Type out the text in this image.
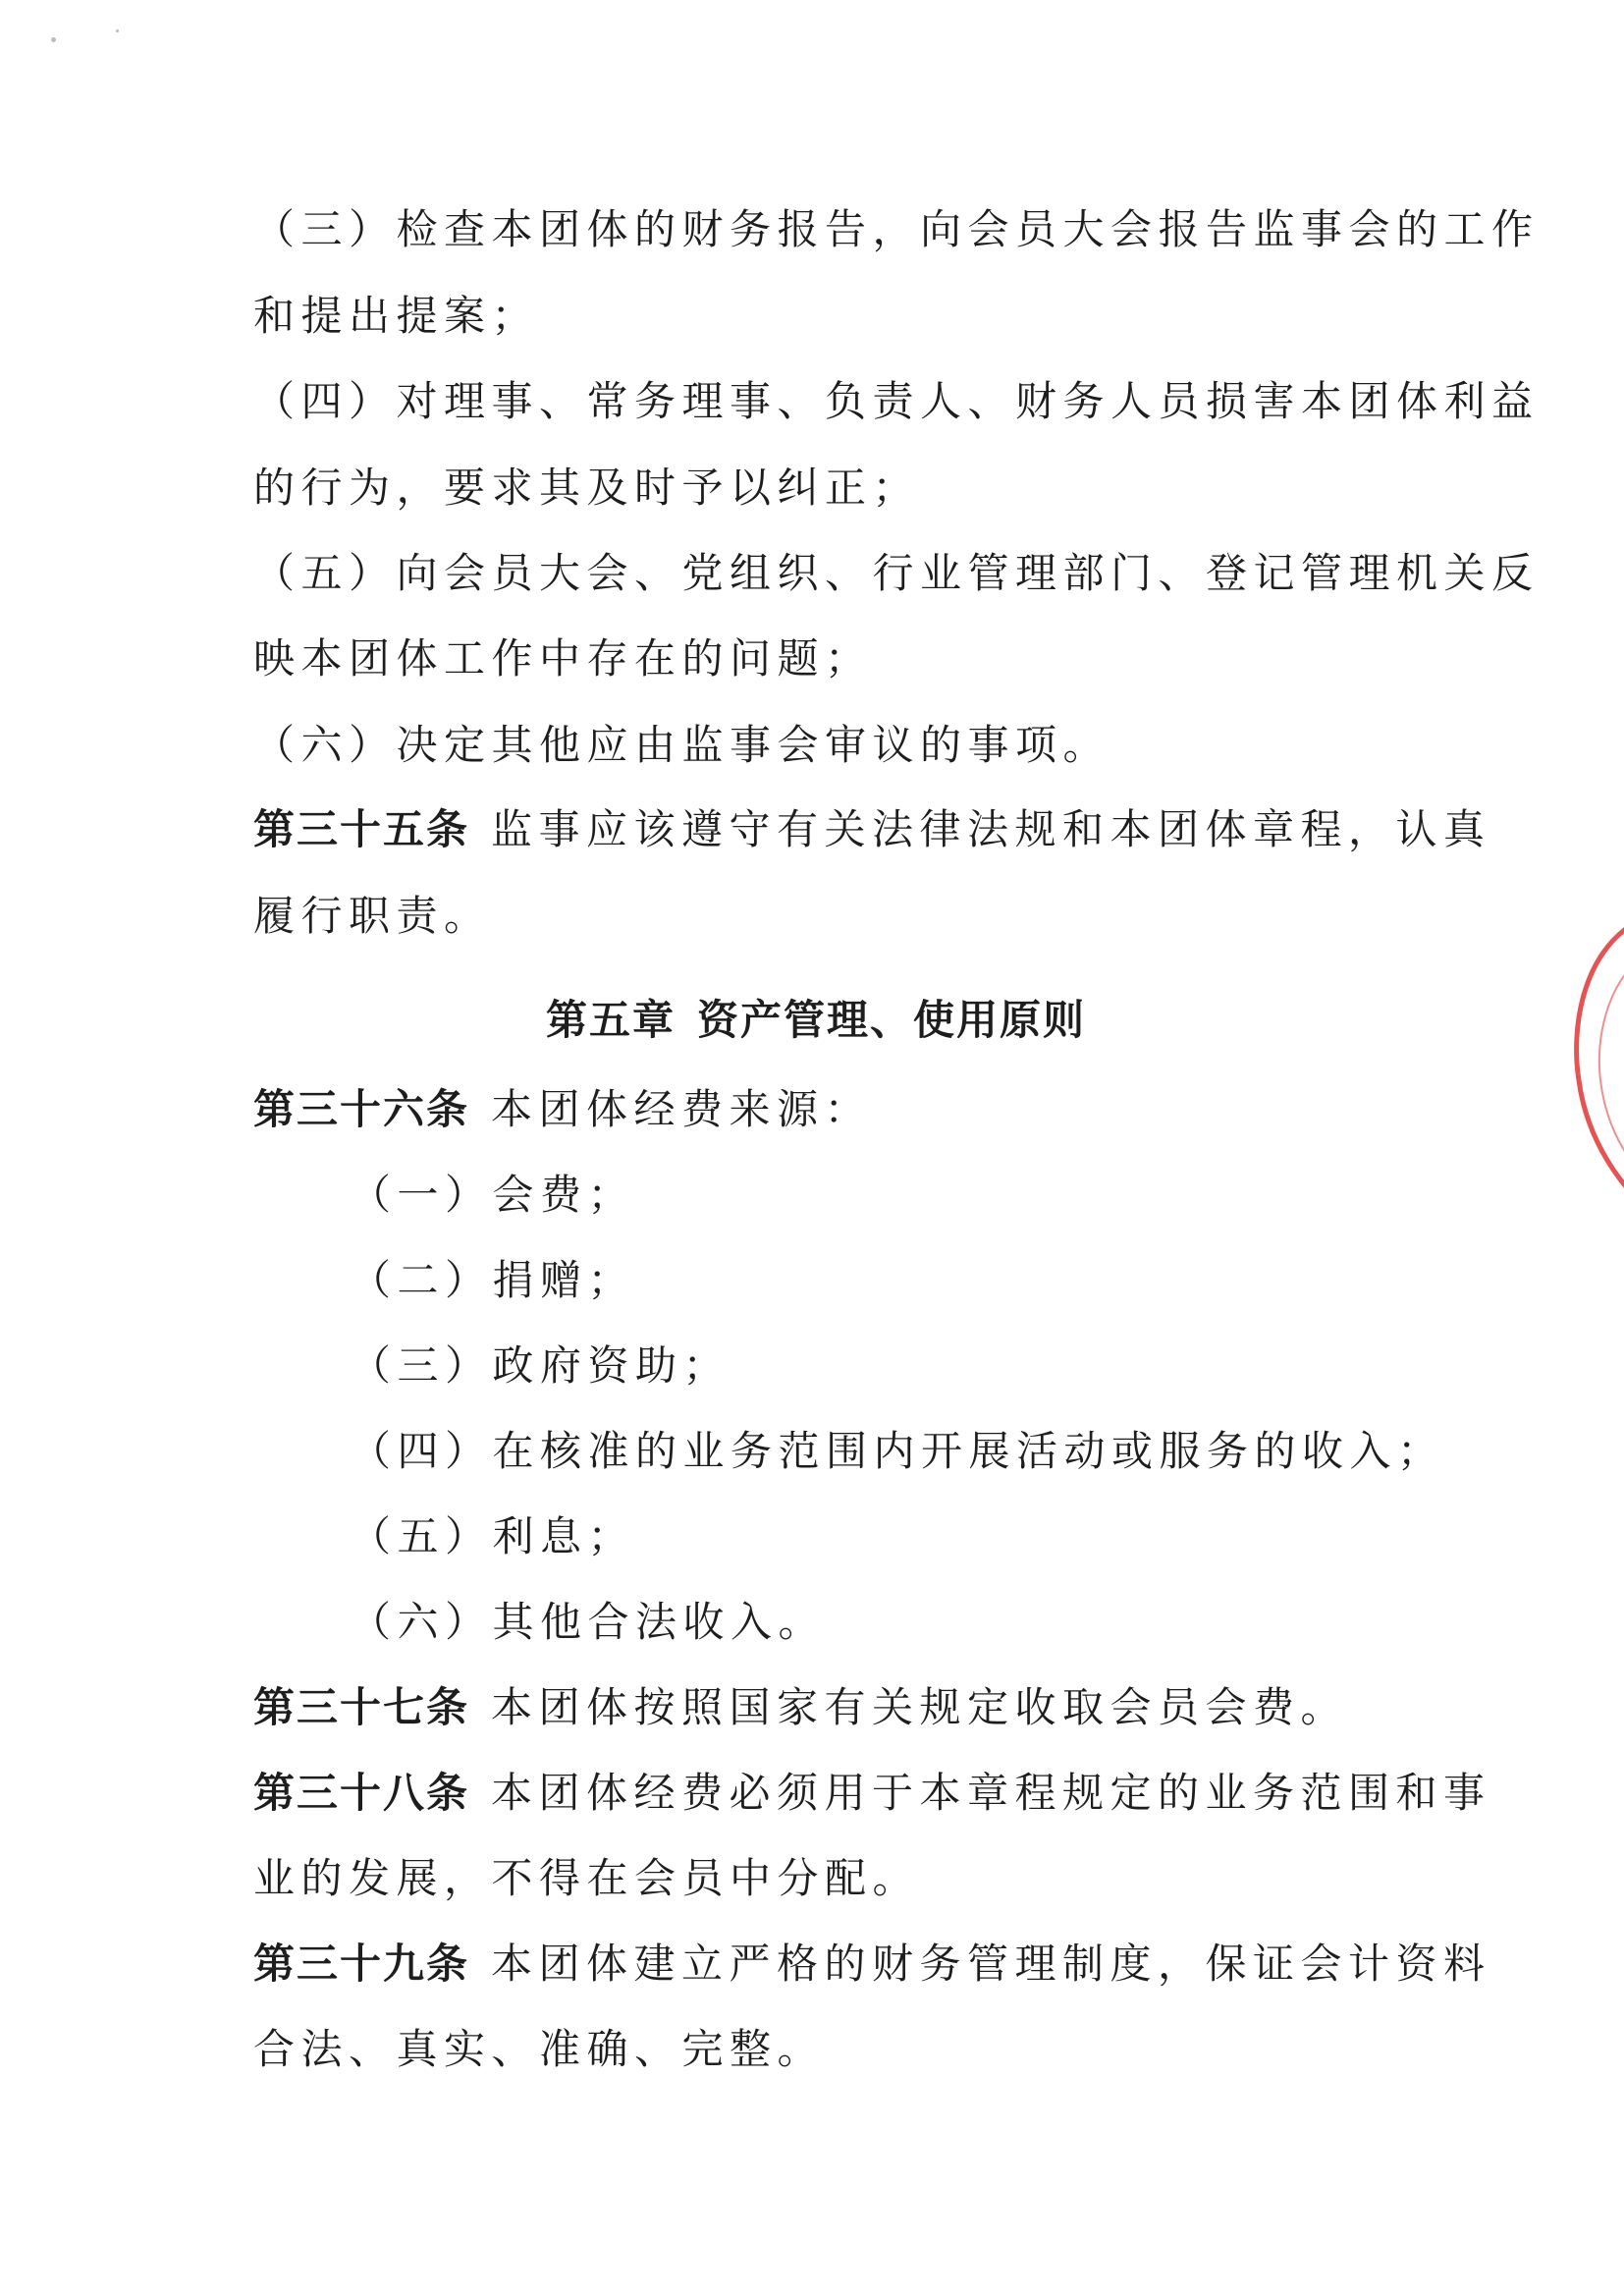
（三）检查本团体的财务报告，向会员大会报告监事会的工作
和提出提案；
（四）对理事、常务理事、负责人、财务人员损害本团体利益
的行为，要求其及时予以纠正；
（五）向会员大会、党组织、行业管理部门、登记管理机关反
映本团体工作中存在的问题；
（六）决定其他应由监事会审议的事项。
第三十五条 监事应该遵守有关法律法规和本团体章程，认真
履行职责。
第五章 资产管理、使用原则
第三十六条 本团体经费来源：
（一）会费；
（二）捐赠；
（三）政府资助；
（四）在核准的业务范围内开展活动或服务的收入；
（五）利息；
（六）其他合法收入。
第三十七条 本团体按照国家有关规定收取会员会费。
第三十八条 本团体经费必须用于本章程规定的业务范围和事
业的发展，不得在会员中分配。
第三十九条 本团体建立严格的财务管理制度，保证会计资料
合法、真实、准确、完整。
